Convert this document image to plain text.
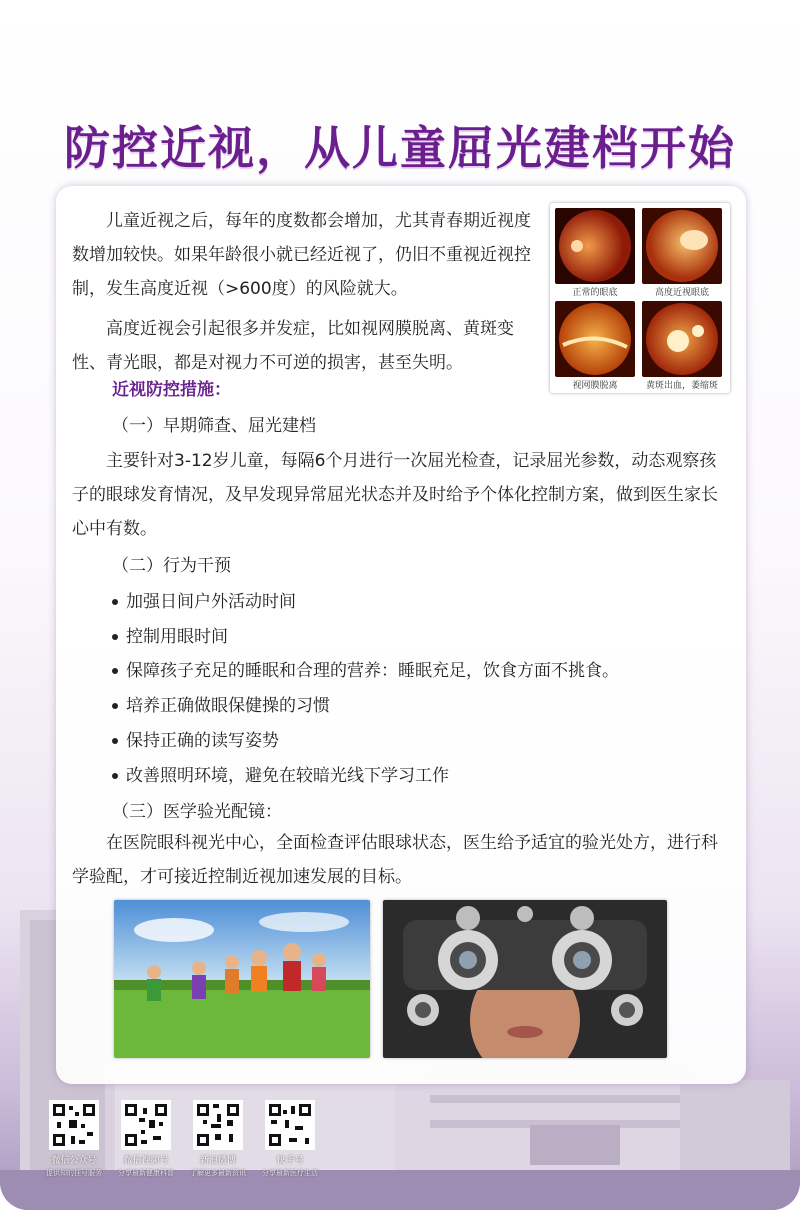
防控近视，从儿童屈光建档开始
正常的眼底	高度近视眼底
视网膜脱离	黄斑出血，萎缩斑
儿童近视之后，每年的度数都会增加，尤其青春期近视度数增加较快。如果年龄很小就已经近视了，仍旧不重视近视控制，发生高度近视（>600度）的风险就大。
高度近视会引起很多并发症，比如视网膜脱离、黄斑变性、青光眼，都是对视力不可逆的损害，甚至失明。
近视防控措施：
（一）早期筛查、屈光建档
主要针对3-12岁儿童，每隔6个月进行一次屈光检查，记录屈光参数，动态观察孩子的眼球发育情况，及早发现异常屈光状态并及时给予个体化控制方案，做到医生家长心中有数。
（二）行为干预
加强日间户外活动时间
控制用眼时间
保障孩子充足的睡眠和合理的营养：睡眠充足，饮食方面不挑食。
培养正确做眼保健操的习惯
保持正确的读写姿势
改善照明环境，避免在较暗光线下学习工作
（三）医学验光配镜：
在医院眼科视光中心，全面检查评估眼球状态，医生给予适宜的验光处方，进行科学验配，才可接近控制近视加速发展的目标。
微信公众号
提供知的挂号服务
微信视频号
分享最新健康科普
新浪微博
了解更多最新资讯
快手号
分享最新医疗生活
